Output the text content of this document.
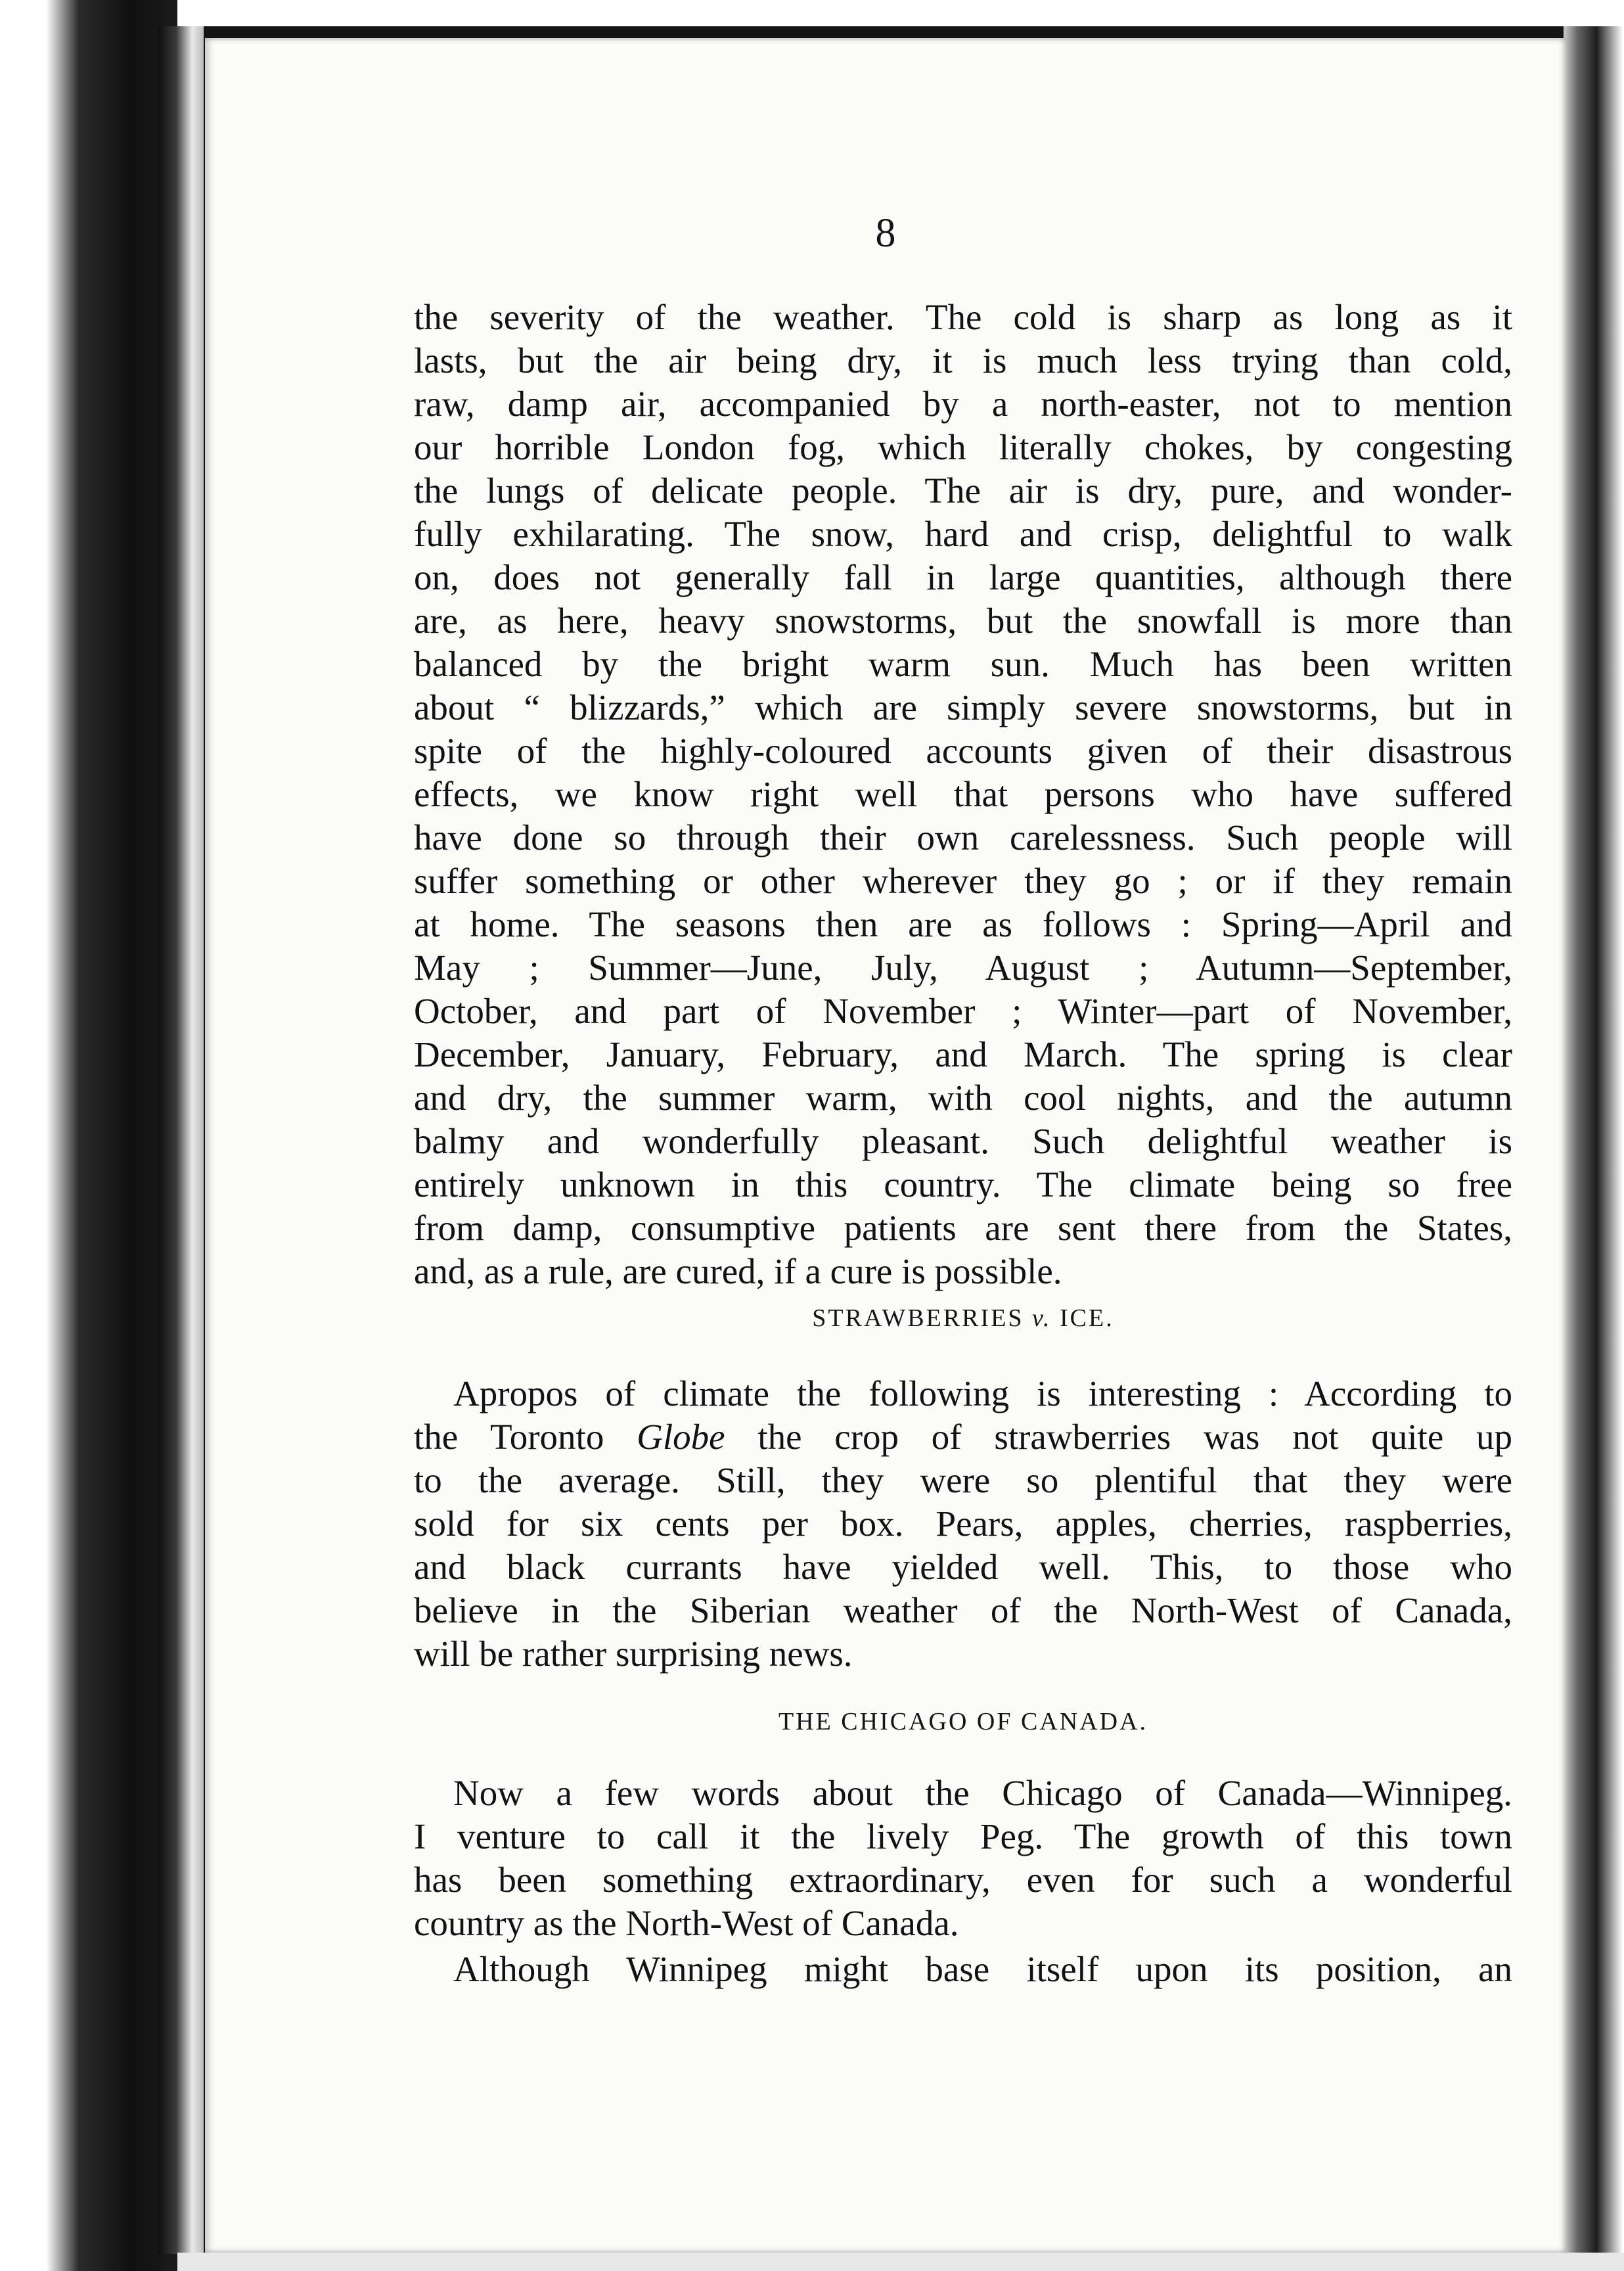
8
the severity of the weather. The cold is sharp as long as it
lasts, but the air being dry, it is much less trying than cold,
raw, damp air, accompanied by a north-easter, not to mention
our horrible London fog, which literally chokes, by congesting
the lungs of delicate people. The air is dry, pure, and wonder-
fully exhilarating. The snow, hard and crisp, delightful to walk
on, does not generally fall in large quantities, although there
are, as here, heavy snowstorms, but the snowfall is more than
balanced by the bright warm sun. Much has been written
about “ blizzards,” which are simply severe snowstorms, but in
spite of the highly-coloured accounts given of their disastrous
effects, we know right well that persons who have suffered
have done so through their own carelessness. Such people will
suffer something or other wherever they go ; or if they remain
at home. The seasons then are as follows : Spring—April and
May ; Summer—June, July, August ; Autumn—September,
October, and part of November ; Winter—part of November,
December, January, February, and March. The spring is clear
and dry, the summer warm, with cool nights, and the autumn
balmy and wonderfully pleasant. Such delightful weather is
entirely unknown in this country. The climate being so free
from damp, consumptive patients are sent there from the States,
and, as a rule, are cured, if a cure is possible.
STRAWBERRIES v. ICE.
Apropos of climate the following is interesting : According to
the Toronto Globe the crop of strawberries was not quite up
to the average. Still, they were so plentiful that they were
sold for six cents per box. Pears, apples, cherries, raspberries,
and black currants have yielded well. This, to those who
believe in the Siberian weather of the North-West of Canada,
will be rather surprising news.
THE CHICAGO OF CANADA.
Now a few words about the Chicago of Canada—Winnipeg.
I venture to call it the lively Peg. The growth of this town
has been something extraordinary, even for such a wonderful
country as the North-West of Canada.
Although Winnipeg might base itself upon its position, an
